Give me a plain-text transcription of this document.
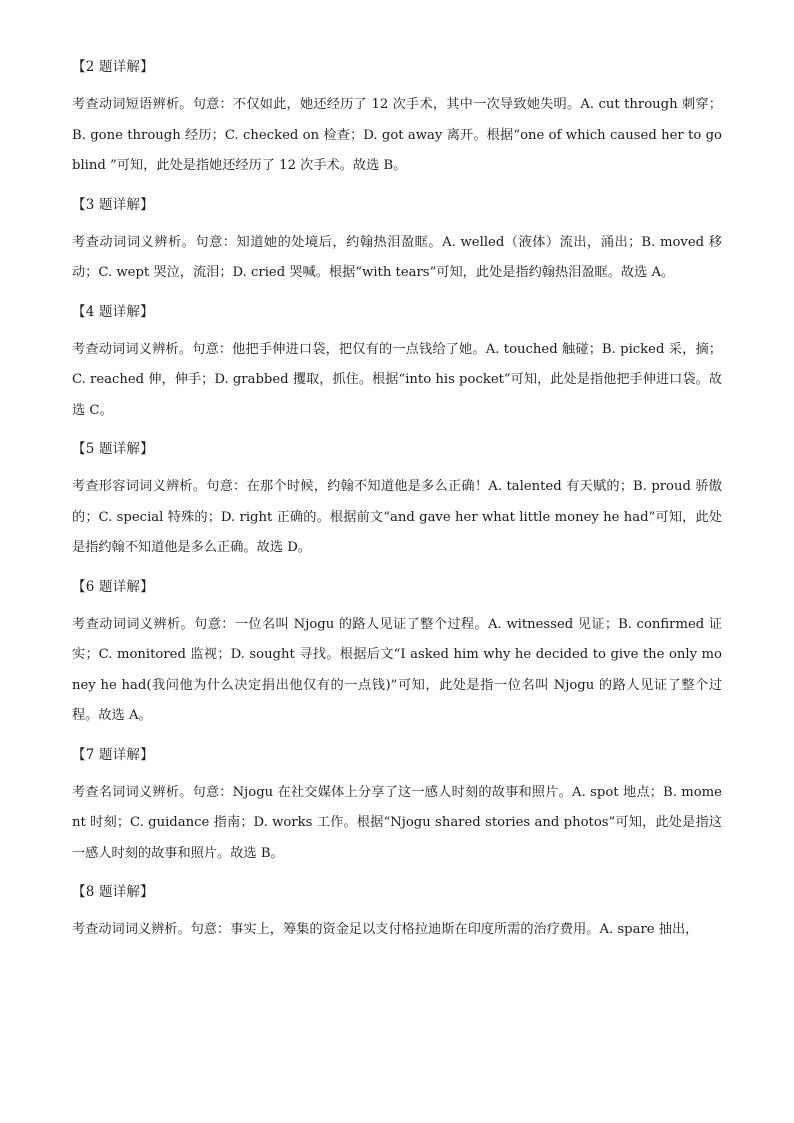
【2 题详解】
考查动词短语辨析。句意：不仅如此，她还经历了 12 次手术，其中一次导致她失明。A. cut through 刺穿；B. gone through 经历；C. checked on 检查；D. got away 离开。根据“one of which caused her to go blind ”可知，此处是指她还经历了 12 次手术。故选 B。
【3 题详解】
考查动词词义辨析。句意：知道她的处境后，约翰热泪盈眶。A. welled（液体）流出，涌出；B. moved 移动；C. wept 哭泣，流泪；D. cried 哭喊。根据“with tears”可知，此处是指约翰热泪盈眶。故选 A。
【4 题详解】
考查动词词义辨析。句意：他把手伸进口袋，把仅有的一点钱给了她。A. touched 触碰；B. picked 采，摘；C. reached 伸，伸手；D. grabbed 攫取，抓住。根据“into his pocket”可知，此处是指他把手伸进口袋。故选 C。
【5 题详解】
考查形容词词义辨析。句意：在那个时候，约翰不知道他是多么正确！A. talented 有天赋的；B. proud 骄傲的；C. special 特殊的；D. right 正确的。根据前文“and gave her what little money he had”可知，此处是指约翰不知道他是多么正确。故选 D。
【6 题详解】
考查动词词义辨析。句意：一位名叫 Njogu 的路人见证了整个过程。A. witnessed 见证；B. confirmed 证实；C. monitored 监视；D. sought 寻找。根据后文“I asked him why he decided to give the only money he had(我问他为什么决定捐出他仅有的一点钱)”可知，此处是指一位名叫 Njogu 的路人见证了整个过程。故选 A。
【7 题详解】
考查名词词义辨析。句意：Njogu 在社交媒体上分享了这一感人时刻的故事和照片。A. spot 地点；B. moment 时刻；C. guidance 指南；D. works 工作。根据“Njogu shared stories and photos”可知，此处是指这一感人时刻的故事和照片。故选 B。
【8 题详解】
考查动词词义辨析。句意：事实上，筹集的资金足以支付格拉迪斯在印度所需的治疗费用。A. spare 抽出，
